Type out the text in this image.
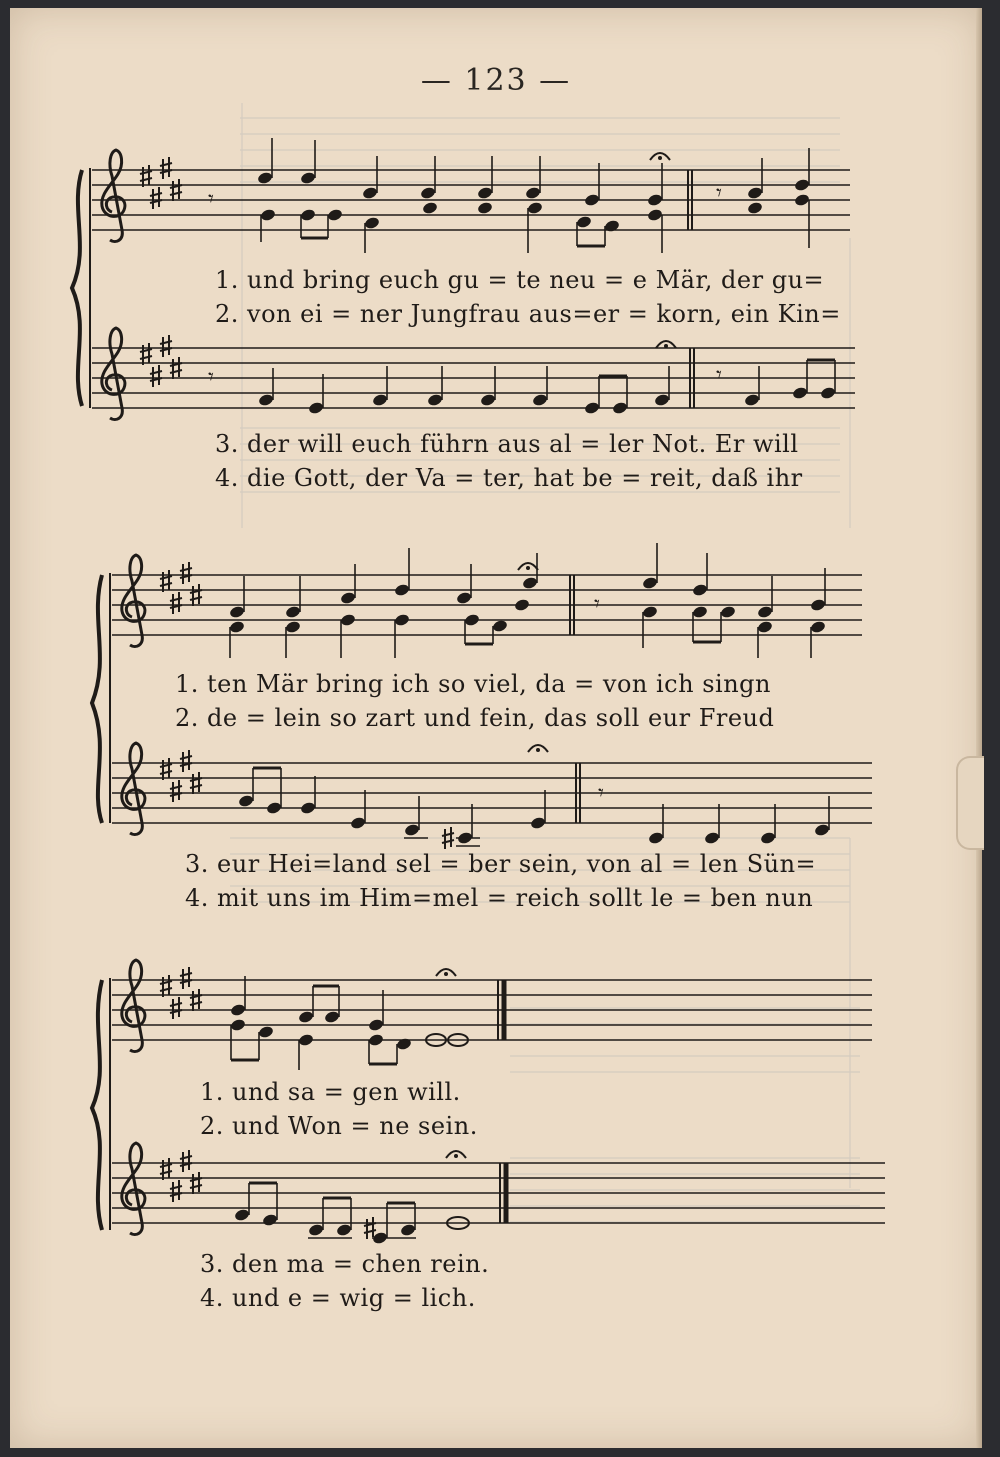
— 123 —
𝄾	𝄾
𝄾	𝄾
𝄾
𝄾
1. und bring euch gu = te neu = e Mär, der gu=
2. von ei = ner Jungfrau aus=er = korn, ein Kin=
3. der will euch führn aus al = ler Not. Er will
4. die Gott, der Va = ter, hat be = reit, daß ihr
1. ten Mär bring ich so viel, da = von ich singn
2. de = lein so zart und fein, das soll eur Freud
3. eur Hei=land sel = ber sein, von al = len Sün=
4. mit uns im Him=mel = reich sollt le = ben nun
1. und sa = gen will.
2. und Won = ne sein.
3. den ma = chen rein.
4. und e = wig = lich.
